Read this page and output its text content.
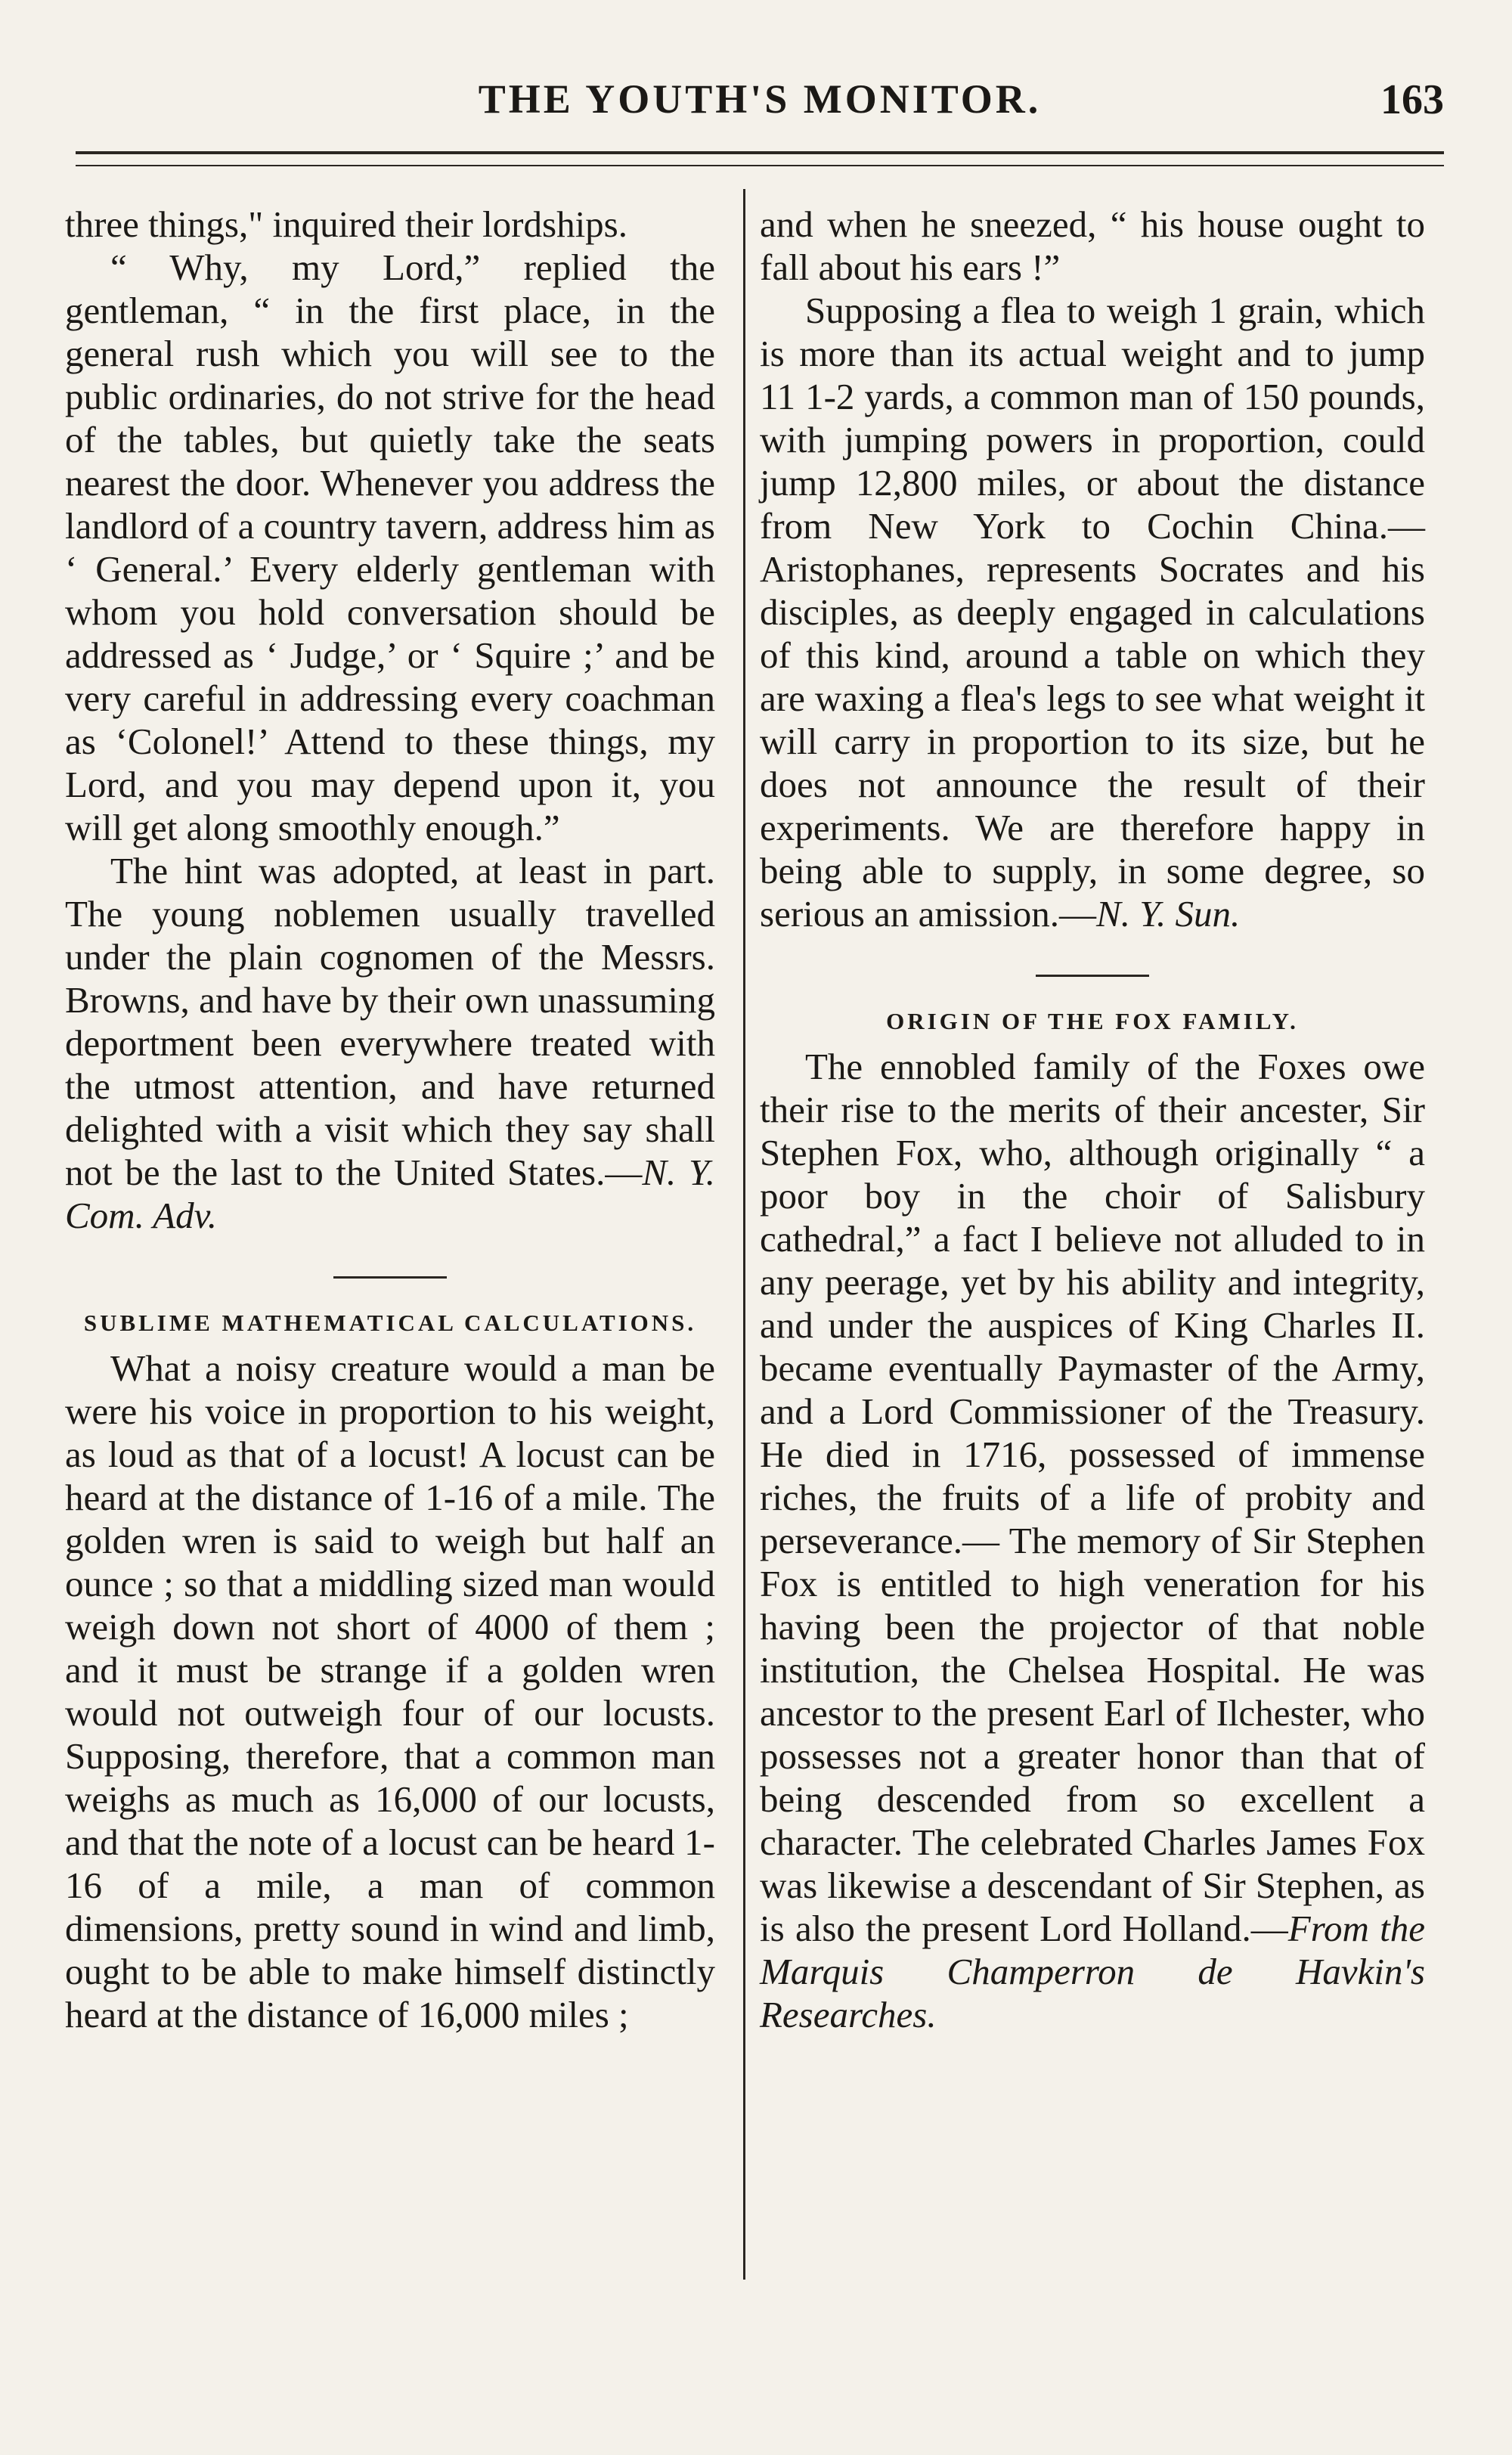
THE YOUTH'S MONITOR.	163

three things," inquired their lordships.

“ Why, my Lord,” replied the gentleman, “ in the first place, in the general rush which you will see to the public ordinaries, do not strive for the head of the tables, but quietly take the seats nearest the door. Whenever you address the landlord of a country tavern, address him as ‘ General.’ Every elderly gentleman with whom you hold conversation should be addressed as ‘ Judge,’ or ‘ Squire ;’ and be very careful in addressing every coachman as ‘Colonel!’ Attend to these things, my Lord, and you may depend upon it, you will get along smoothly enough.”

The hint was adopted, at least in part. The young noblemen usually travelled under the plain cognomen of the Messrs. Browns, and have by their own unassuming deportment been everywhere treated with the utmost attention, and have returned delighted with a visit which they say shall not be the last to the United States.—N. Y. Com. Adv.

SUBLIME MATHEMATICAL CALCULATIONS.

What a noisy creature would a man be were his voice in proportion to his weight, as loud as that of a locust! A locust can be heard at the distance of 1-16 of a mile. The golden wren is said to weigh but half an ounce ; so that a middling sized man would weigh down not short of 4000 of them ; and it must be strange if a golden wren would not outweigh four of our locusts. Supposing, therefore, that a common man weighs as much as 16,000 of our locusts, and that the note of a locust can be heard 1-16 of a mile, a man of common dimensions, pretty sound in wind and limb, ought to be able to make himself distinctly heard at the distance of 16,000 miles ;

and when he sneezed, “ his house ought to fall about his ears !”

Supposing a flea to weigh 1 grain, which is more than its actual weight and to jump 11 1-2 yards, a common man of 150 pounds, with jumping powers in proportion, could jump 12,800 miles, or about the distance from New York to Cochin China.— Aristophanes, represents Socrates and his disciples, as deeply engaged in calculations of this kind, around a table on which they are waxing a flea's legs to see what weight it will carry in proportion to its size, but he does not announce the result of their experiments. We are therefore happy in being able to supply, in some degree, so serious an amission.—N. Y. Sun.

ORIGIN OF THE FOX FAMILY.

The ennobled family of the Foxes owe their rise to the merits of their ancester, Sir Stephen Fox, who, although originally “ a poor boy in the choir of Salisbury cathedral,” a fact I believe not alluded to in any peerage, yet by his ability and integrity, and under the auspices of King Charles II. became eventually Paymaster of the Army, and a Lord Commissioner of the Treasury. He died in 1716, possessed of immense riches, the fruits of a life of probity and perseverance.— The memory of Sir Stephen Fox is entitled to high veneration for his having been the projector of that noble institution, the Chelsea Hospital. He was ancestor to the present Earl of Ilchester, who possesses not a greater honor than that of being descended from so excellent a character. The celebrated Charles James Fox was likewise a descendant of Sir Stephen, as is also the present Lord Holland.—From the Marquis Champerron de Havkin's Researches.
